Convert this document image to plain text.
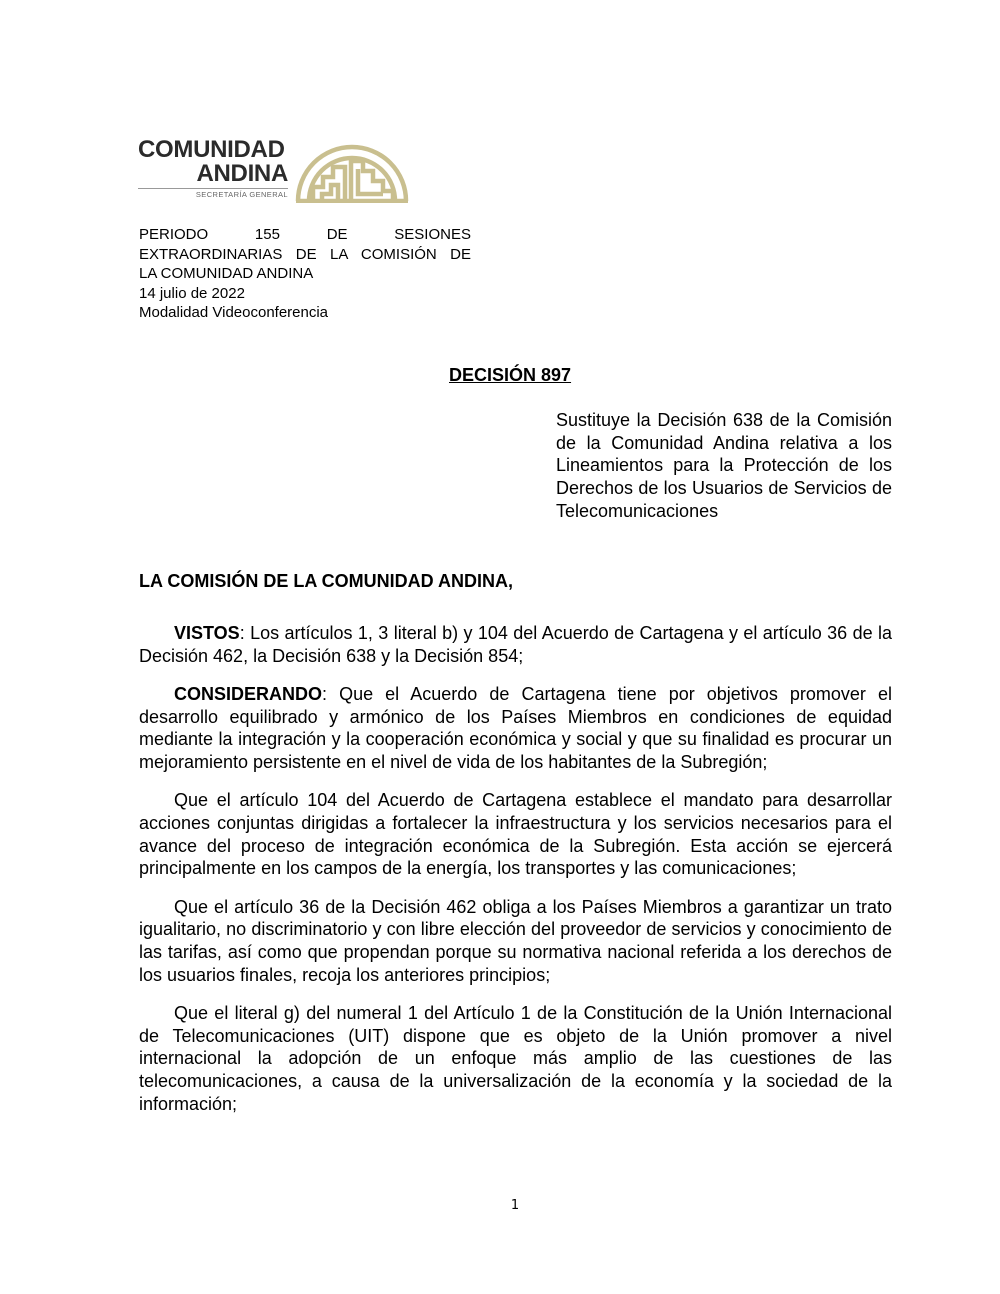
COMUNIDAD
ANDINA
SECRETARÍA GENERAL
PERIODO 155 DE SESIONES
EXTRAORDINARIAS DE LA COMISIÓN DE
LA COMUNIDAD ANDINA
14 julio de 2022
Modalidad Videoconferencia
DECISIÓN 897
Sustituye la Decisión 638 de la Comisión de la Comunidad Andina relativa a los Lineamientos para la Protección de los Derechos de los Usuarios de Servicios de Telecomunicaciones
LA COMISIÓN DE LA COMUNIDAD ANDINA,

VISTOS: Los artículos 1, 3 literal b) y 104 del Acuerdo de Cartagena y el artículo 36 de la Decisión 462, la Decisión 638 y la Decisión 854;

CONSIDERANDO: Que el Acuerdo de Cartagena tiene por objetivos promover el desarrollo equilibrado y armónico de los Países Miembros en condiciones de equidad mediante la integración y la cooperación económica y social y que su finalidad es procurar un mejoramiento persistente en el nivel de vida de los habitantes de la Subregión;

Que el artículo 104 del Acuerdo de Cartagena establece el mandato para desarrollar acciones conjuntas dirigidas a fortalecer la infraestructura y los servicios necesarios para el avance del proceso de integración económica de la Subregión. Esta acción se ejercerá principalmente en los campos de la energía, los transportes y las comunicaciones;

Que el artículo 36 de la Decisión 462 obliga a los Países Miembros a garantizar un trato igualitario, no discriminatorio y con libre elección del proveedor de servicios y conocimiento de las tarifas, así como que propendan porque su normativa nacional referida a los derechos de los usuarios finales, recoja los anteriores principios;

Que el literal g) del numeral 1 del Artículo 1 de la Constitución de la Unión Internacional de Telecomunicaciones (UIT) dispone que es objeto de la Unión promover a nivel internacional la adopción de un enfoque más amplio de las cuestiones de las telecomunicaciones, a causa de la universalización de la economía y la sociedad de la información;

1
